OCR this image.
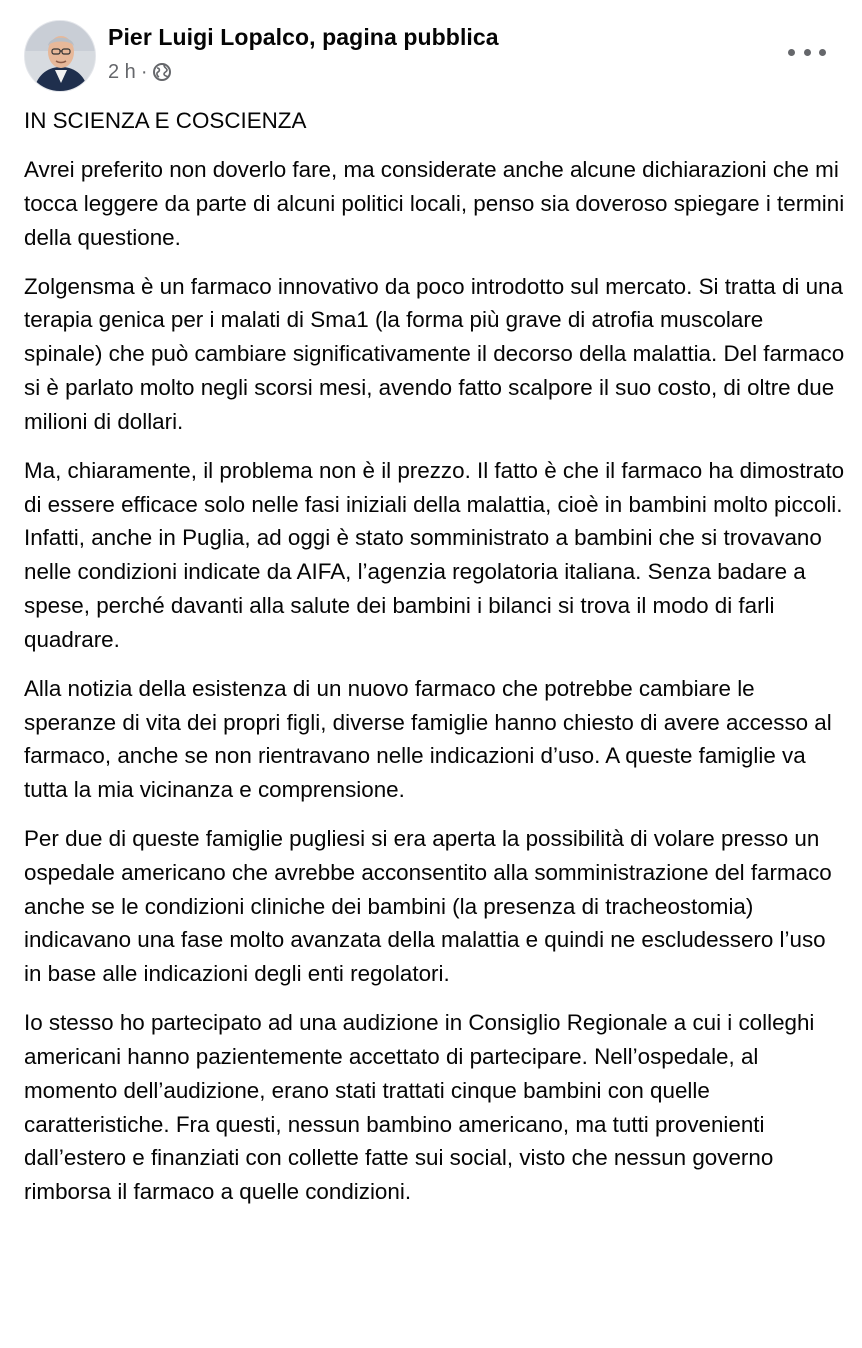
Pier Luigi Lopalco, pagina pubblica
2 h ·

IN SCIENZA E COSCIENZA

Avrei preferito non doverlo fare, ma considerate anche alcune dichiarazioni che mi tocca leggere da parte di alcuni politici locali, penso sia doveroso spiegare i termini della questione.

Zolgensma è un farmaco innovativo da poco introdotto sul mercato. Si tratta di una terapia genica per i malati di Sma1 (la forma più grave di atrofia muscolare spinale) che può cambiare significativamente il decorso della malattia. Del farmaco si è parlato molto negli scorsi mesi, avendo fatto scalpore il suo costo, di oltre due milioni di dollari.

Ma, chiaramente, il problema non è il prezzo. Il fatto è che il farmaco ha dimostrato di essere efficace solo nelle fasi iniziali della malattia, cioè in bambini molto piccoli. Infatti, anche in Puglia, ad oggi è stato somministrato a bambini che si trovavano nelle condizioni indicate da AIFA, l’agenzia regolatoria italiana. Senza badare a spese, perché davanti alla salute dei bambini i bilanci si trova il modo di farli quadrare.

Alla notizia della esistenza di un nuovo farmaco che potrebbe cambiare le speranze di vita dei propri figli, diverse famiglie hanno chiesto di avere accesso al farmaco, anche se non rientravano nelle indicazioni d’uso. A queste famiglie va tutta la mia vicinanza e comprensione.

Per due di queste famiglie pugliesi si era aperta la possibilità di volare presso un ospedale americano che avrebbe acconsentito alla somministrazione del farmaco anche se le condizioni cliniche dei bambini (la presenza di tracheostomia) indicavano una fase molto avanzata della malattia e quindi ne escludessero l’uso in base alle indicazioni degli enti regolatori.

Io stesso ho partecipato ad una audizione in Consiglio Regionale a cui i colleghi americani hanno pazientemente accettato di partecipare. Nell’ospedale, al momento dell’audizione, erano stati trattati cinque bambini con quelle caratteristiche. Fra questi, nessun bambino americano, ma tutti provenienti dall’estero e finanziati con collette fatte sui social, visto che nessun governo rimborsa il farmaco a quelle condizioni.
